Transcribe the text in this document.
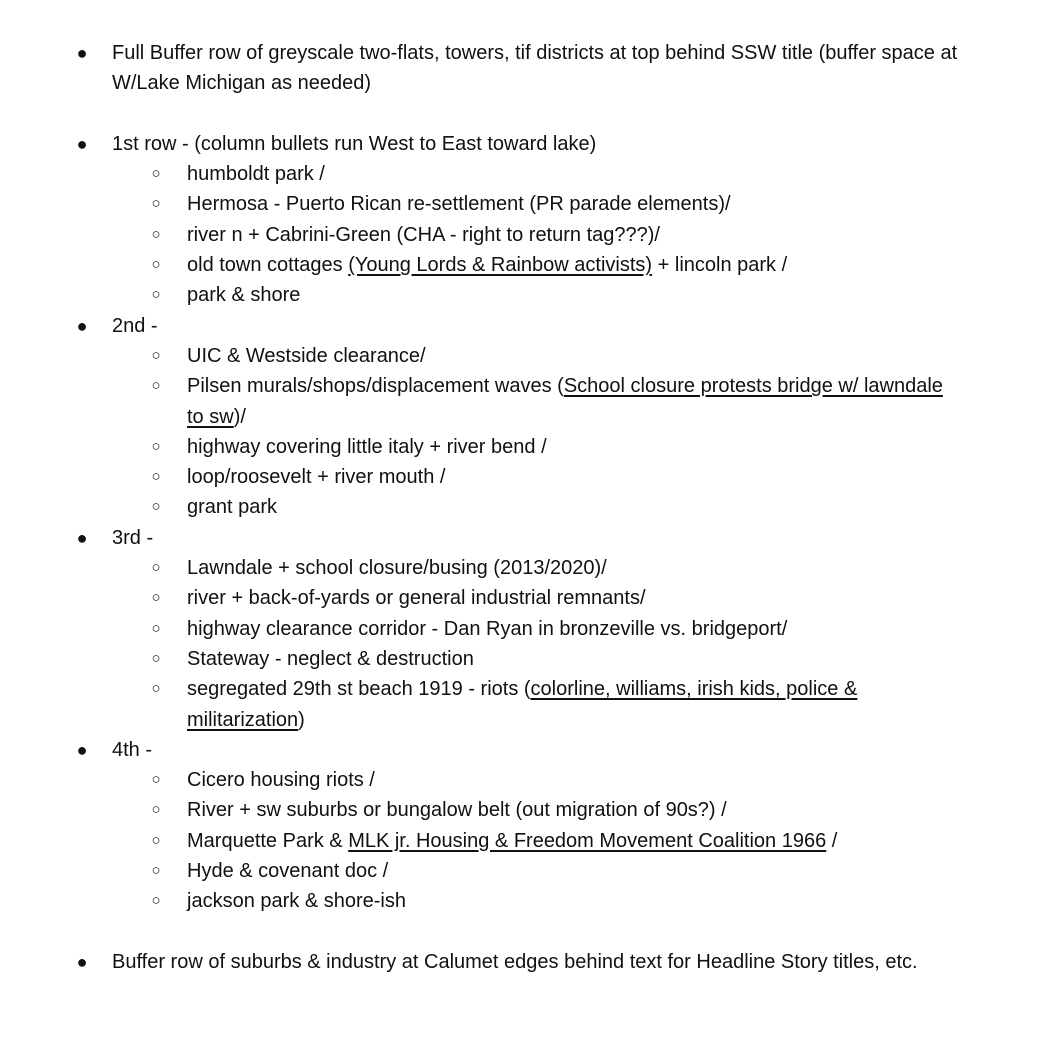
● Full Buffer row of greyscale two-flats, towers, tif districts at top behind SSW title (buffer space at W/Lake Michigan as needed)
● 1st row - (column bullets run West to East toward lake)
○ humboldt park /
○ Hermosa - Puerto Rican re-settlement (PR parade elements)/
○ river n + Cabrini-Green (CHA - right to return tag???)/
○ old town cottages (Young Lords & Rainbow activists) + lincoln park /
○ park & shore
● 2nd -
○ UIC & Westside clearance/
○ Pilsen murals/shops/displacement waves (School closure protests bridge w/ lawndale to sw)/
○ highway covering little italy + river bend /
○ loop/roosevelt + river mouth /
○ grant park
● 3rd -
○ Lawndale + school closure/busing (2013/2020)/
○ river + back-of-yards or general industrial remnants/
○ highway clearance corridor - Dan Ryan in bronzeville vs. bridgeport/
○ Stateway - neglect & destruction
○ segregated 29th st beach 1919 - riots (colorline, williams, irish kids, police & militarization)
● 4th -
○ Cicero housing riots /
○ River + sw suburbs or bungalow belt (out migration of 90s?) /
○ Marquette Park & MLK jr. Housing & Freedom Movement Coalition 1966 /
○ Hyde & covenant doc /
○ jackson park & shore-ish
● Buffer row of suburbs & industry at Calumet edges behind text for Headline Story titles, etc.
